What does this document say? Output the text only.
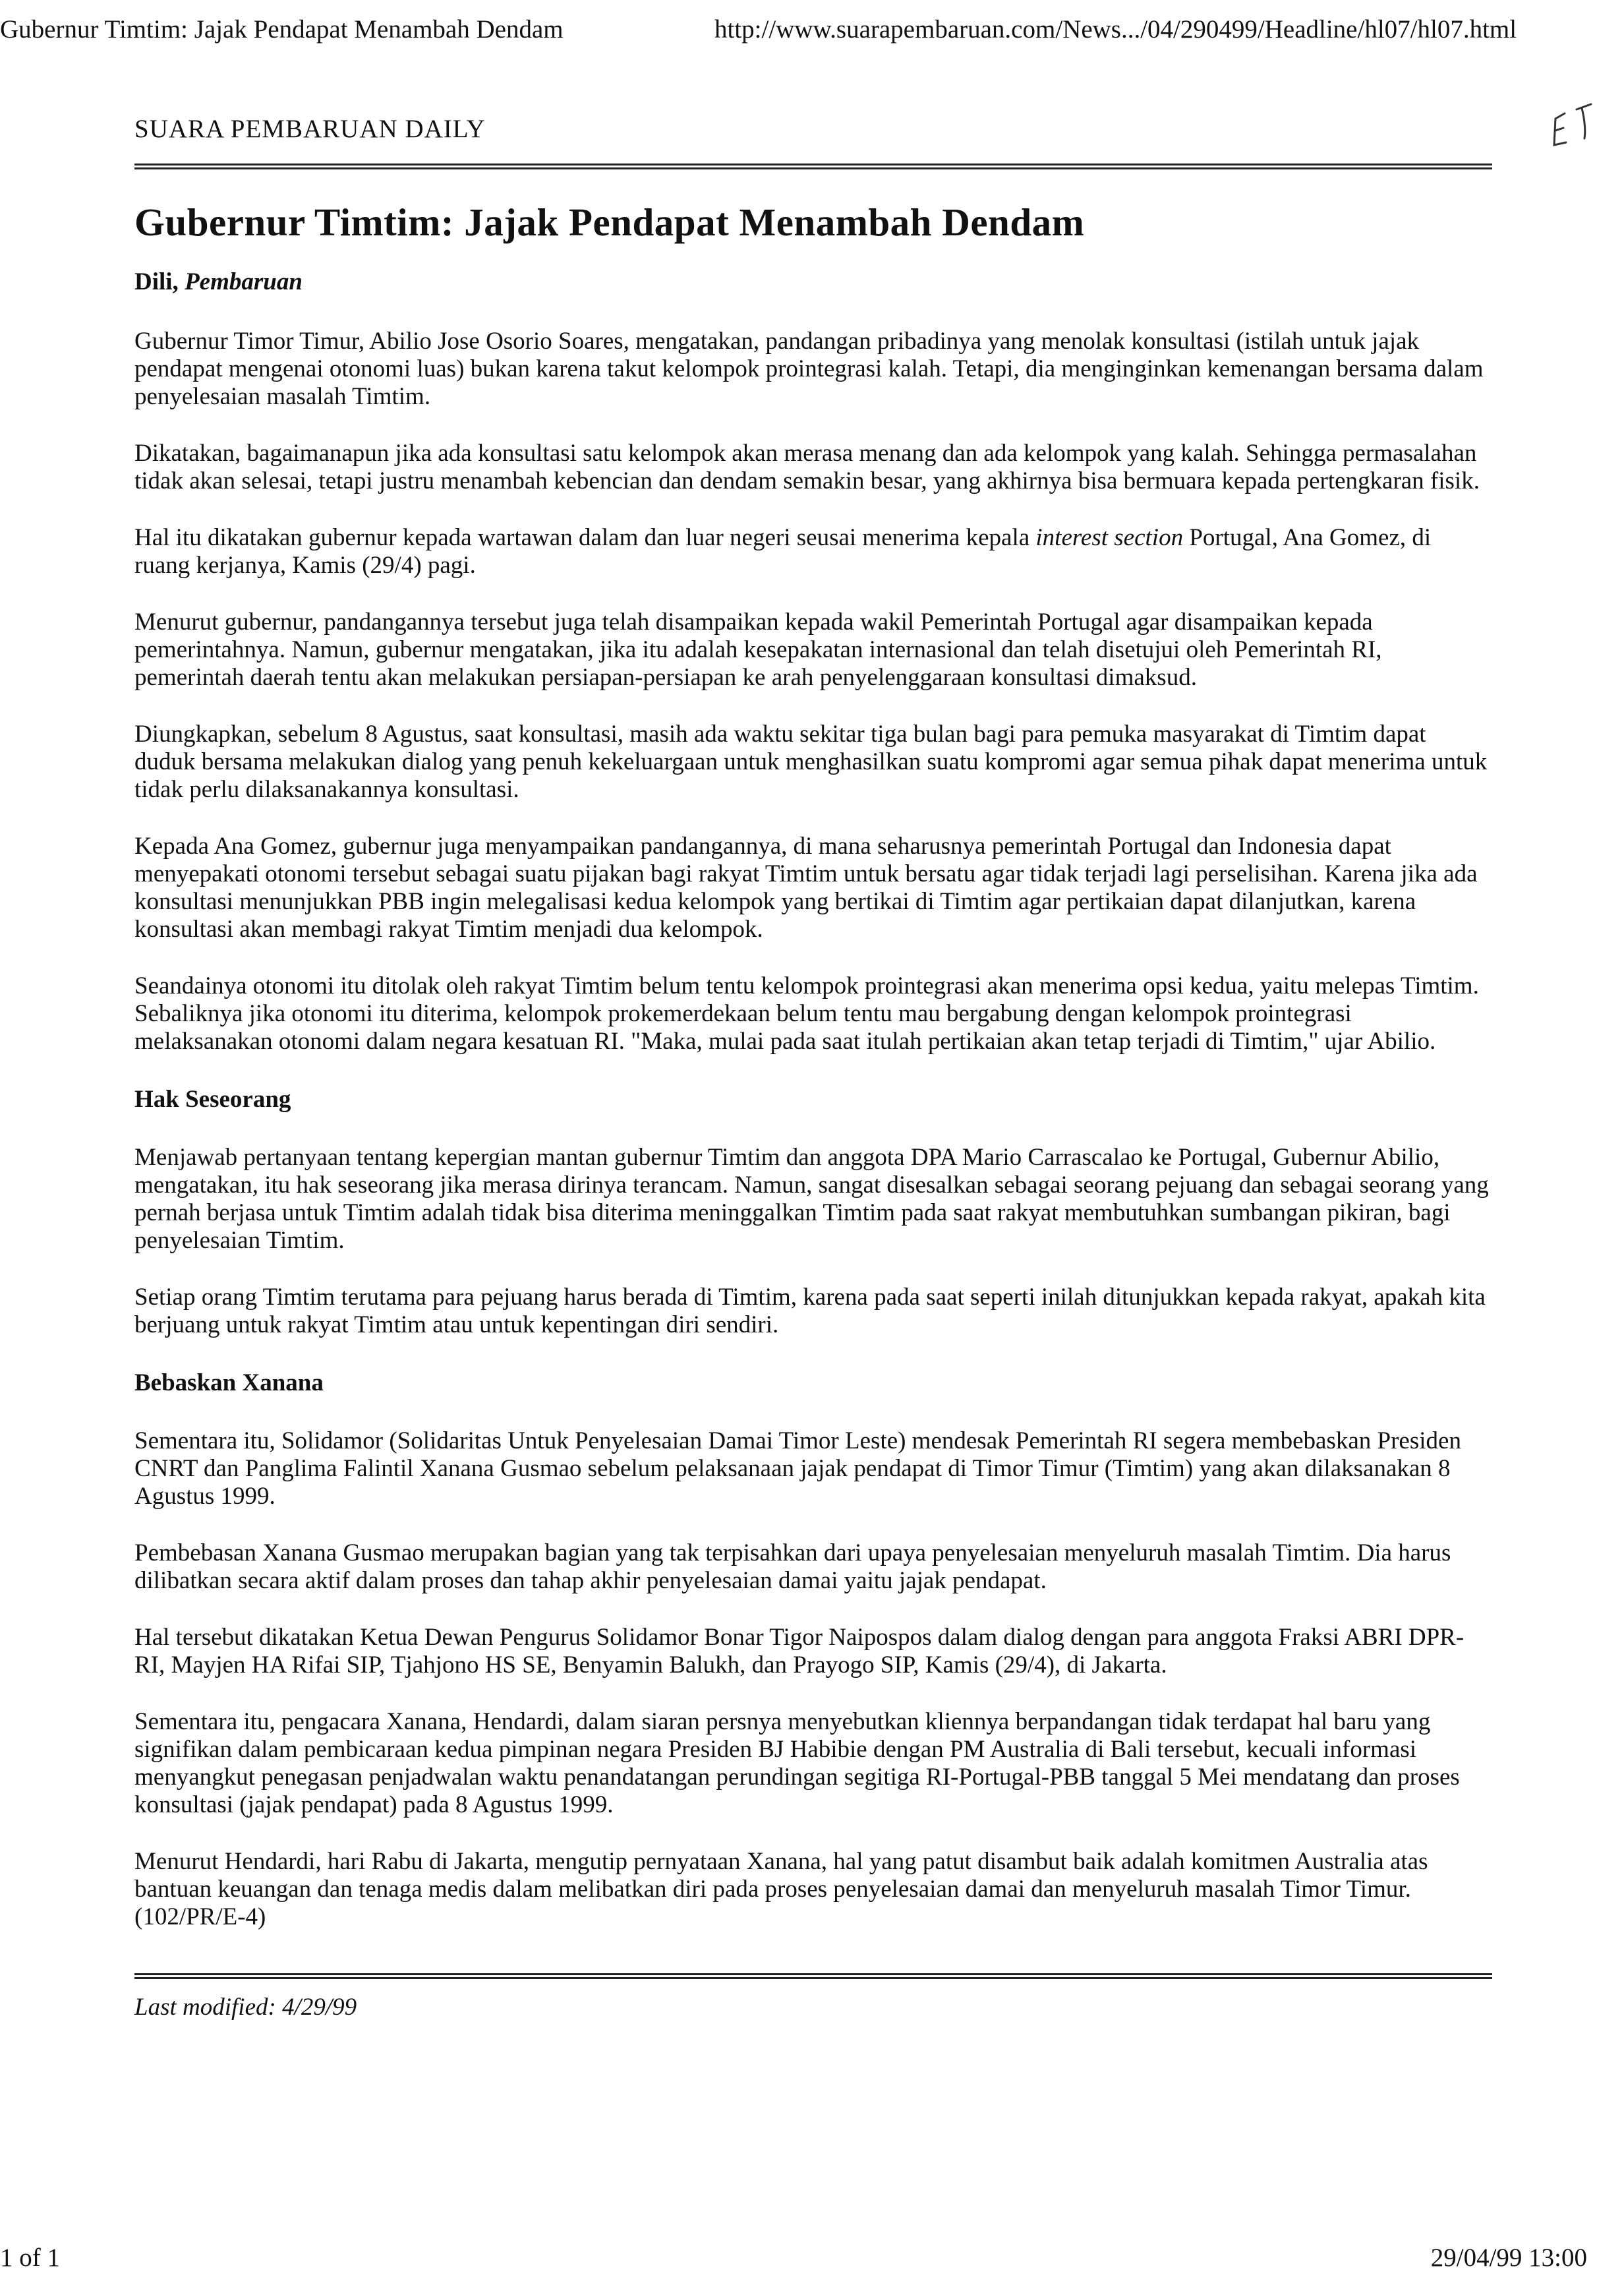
Gubernur Timtim: Jajak Pendapat Menambah Dendam	http://www.suarapembaruan.com/News.../04/290499/Headline/hl07/hl07.html
SUARA PEMBARUAN DAILY
Gubernur Timtim: Jajak Pendapat Menambah Dendam
Dili, Pembaruan

Gubernur Timor Timur, Abilio Jose Osorio Soares, mengatakan, pandangan pribadinya yang menolak konsultasi (istilah untuk jajak pendapat mengenai otonomi luas) bukan karena takut kelompok prointegrasi kalah. Tetapi, dia menginginkan kemenangan bersama dalam penyelesaian masalah Timtim.

Dikatakan, bagaimanapun jika ada konsultasi satu kelompok akan merasa menang dan ada kelompok yang kalah. Sehingga permasalahan tidak akan selesai, tetapi justru menambah kebencian dan dendam semakin besar, yang akhirnya bisa bermuara kepada pertengkaran fisik.

Hal itu dikatakan gubernur kepada wartawan dalam dan luar negeri seusai menerima kepala interest section Portugal, Ana Gomez, di ruang kerjanya, Kamis (29/4) pagi.

Menurut gubernur, pandangannya tersebut juga telah disampaikan kepada wakil Pemerintah Portugal agar disampaikan kepada pemerintahnya. Namun, gubernur mengatakan, jika itu adalah kesepakatan internasional dan telah disetujui oleh Pemerintah RI, pemerintah daerah tentu akan melakukan persiapan-persiapan ke arah penyelenggaraan konsultasi dimaksud.

Diungkapkan, sebelum 8 Agustus, saat konsultasi, masih ada waktu sekitar tiga bulan bagi para pemuka masyarakat di Timtim dapat duduk bersama melakukan dialog yang penuh kekeluargaan untuk menghasilkan suatu kompromi agar semua pihak dapat menerima untuk tidak perlu dilaksanakannya konsultasi.

Kepada Ana Gomez, gubernur juga menyampaikan pandangannya, di mana seharusnya pemerintah Portugal dan Indonesia dapat menyepakati otonomi tersebut sebagai suatu pijakan bagi rakyat Timtim untuk bersatu agar tidak terjadi lagi perselisihan. Karena jika ada konsultasi menunjukkan PBB ingin melegalisasi kedua kelompok yang bertikai di Timtim agar pertikaian dapat dilanjutkan, karena konsultasi akan membagi rakyat Timtim menjadi dua kelompok.

Seandainya otonomi itu ditolak oleh rakyat Timtim belum tentu kelompok prointegrasi akan menerima opsi kedua, yaitu melepas Timtim. Sebaliknya jika otonomi itu diterima, kelompok prokemerdekaan belum tentu mau bergabung dengan kelompok prointegrasi melaksanakan otonomi dalam negara kesatuan RI. "Maka, mulai pada saat itulah pertikaian akan tetap terjadi di Timtim," ujar Abilio.

Hak Seseorang

Menjawab pertanyaan tentang kepergian mantan gubernur Timtim dan anggota DPA Mario Carrascalao ke Portugal, Gubernur Abilio, mengatakan, itu hak seseorang jika merasa dirinya terancam. Namun, sangat disesalkan sebagai seorang pejuang dan sebagai seorang yang pernah berjasa untuk Timtim adalah tidak bisa diterima meninggalkan Timtim pada saat rakyat membutuhkan sumbangan pikiran, bagi penyelesaian Timtim.

Setiap orang Timtim terutama para pejuang harus berada di Timtim, karena pada saat seperti inilah ditunjukkan kepada rakyat, apakah kita berjuang untuk rakyat Timtim atau untuk kepentingan diri sendiri.

Bebaskan Xanana

Sementara itu, Solidamor (Solidaritas Untuk Penyelesaian Damai Timor Leste) mendesak Pemerintah RI segera membebaskan Presiden CNRT dan Panglima Falintil Xanana Gusmao sebelum pelaksanaan jajak pendapat di Timor Timur (Timtim) yang akan dilaksanakan 8 Agustus 1999.

Pembebasan Xanana Gusmao merupakan bagian yang tak terpisahkan dari upaya penyelesaian menyeluruh masalah Timtim. Dia harus dilibatkan secara aktif dalam proses dan tahap akhir penyelesaian damai yaitu jajak pendapat.

Hal tersebut dikatakan Ketua Dewan Pengurus Solidamor Bonar Tigor Naipospos dalam dialog dengan para anggota Fraksi ABRI DPR-RI, Mayjen HA Rifai SIP, Tjahjono HS SE, Benyamin Balukh, dan Prayogo SIP, Kamis (29/4), di Jakarta.

Sementara itu, pengacara Xanana, Hendardi, dalam siaran persnya menyebutkan kliennya berpandangan tidak terdapat hal baru yang signifikan dalam pembicaraan kedua pimpinan negara Presiden BJ Habibie dengan PM Australia di Bali tersebut, kecuali informasi menyangkut penegasan penjadwalan waktu penandatangan perundingan segitiga RI-Portugal-PBB tanggal 5 Mei mendatang dan proses konsultasi (jajak pendapat) pada 8 Agustus 1999.

Menurut Hendardi, hari Rabu di Jakarta, mengutip pernyataan Xanana, hal yang patut disambut baik adalah komitmen Australia atas bantuan keuangan dan tenaga medis dalam melibatkan diri pada proses penyelesaian damai dan menyeluruh masalah Timor Timur. (102/PR/E-4)

Last modified: 4/29/99
1 of 1	29/04/99 13:00
